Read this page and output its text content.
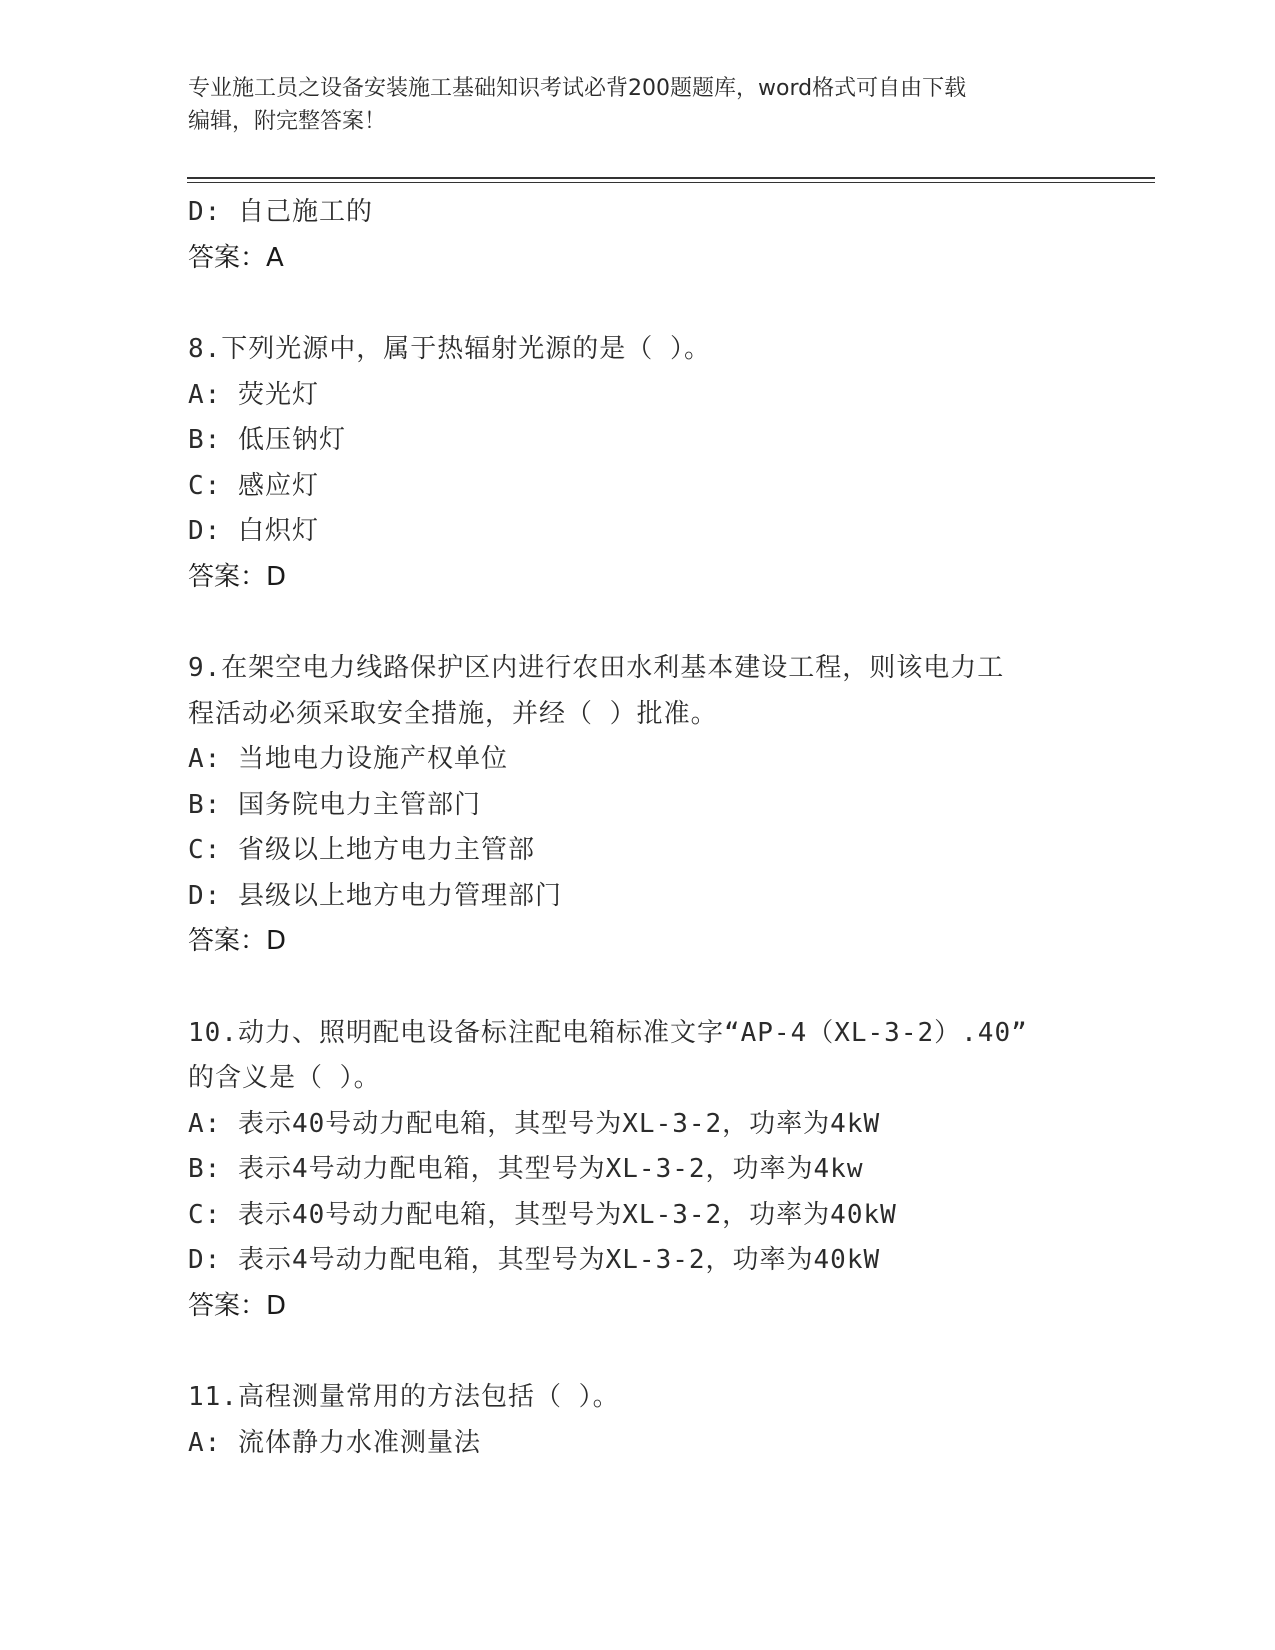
专业施工员之设备安装施工基础知识考试必背200题题库，word格式可自由下载
编辑，附完整答案！
D: 自己施工的
答案：A
8.下列光源中，属于热辐射光源的是（ ）。
A: 荧光灯
B: 低压钠灯
C: 感应灯
D: 白炽灯
答案：D
9.在架空电力线路保护区内进行农田水利基本建设工程，则该电力工
程活动必须采取安全措施，并经（ ）批准。
A: 当地电力设施产权单位
B: 国务院电力主管部门
C: 省级以上地方电力主管部
D: 县级以上地方电力管理部门
答案：D
10.动力、照明配电设备标注配电箱标准文字“AP-4（XL-3-2）.40”
的含义是（ ）。
A: 表示40号动力配电箱，其型号为XL-3-2，功率为4kW
B: 表示4号动力配电箱，其型号为XL-3-2，功率为4kw
C: 表示40号动力配电箱，其型号为XL-3-2，功率为40kW
D: 表示4号动力配电箱，其型号为XL-3-2，功率为40kW
答案：D
11.高程测量常用的方法包括（ ）。
A: 流体静力水准测量法
